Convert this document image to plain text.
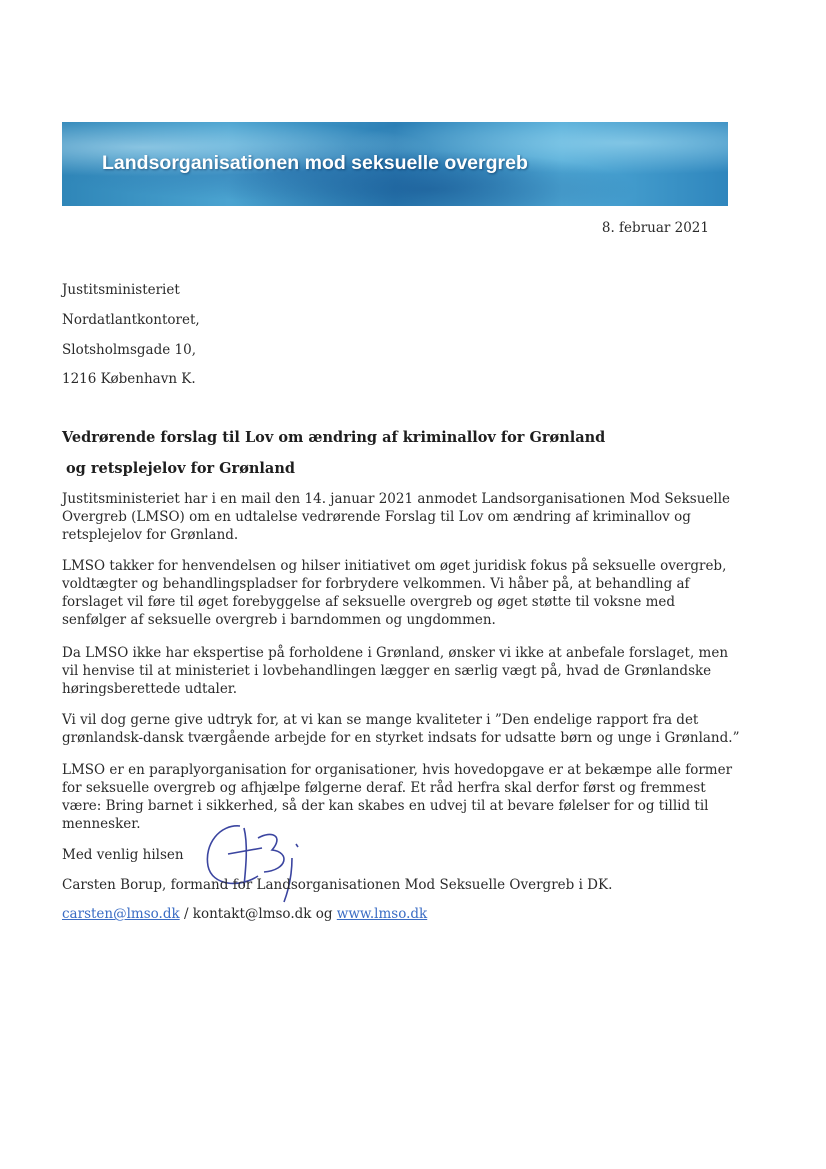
Landsorganisationen mod seksuelle overgreb
8. februar 2021
Justitsministeriet
Nordatlantkontoret,
Slotsholmsgade 10,
1216 København K.
Vedrørende forslag til Lov om ændring af kriminallov for Grønland
og retsplejelov for Grønland

Justitsministeriet har i en mail den 14. januar 2021 anmodet Landsorganisationen Mod Seksuelle Overgreb (LMSO) om en udtalelse vedrørende Forslag til Lov om ændring af kriminallov og retsplejelov for Grønland.

LMSO takker for henvendelsen og hilser initiativet om øget juridisk fokus på seksuelle overgreb, voldtægter og behandlingspladser for forbrydere velkommen. Vi håber på, at behandling af forslaget vil føre til øget forebyggelse af seksuelle overgreb og øget støtte til voksne med senfølger af seksuelle overgreb i barndommen og ungdommen.

Da LMSO ikke har ekspertise på forholdene i Grønland, ønsker vi ikke at anbefale forslaget, men vil henvise til at ministeriet i lovbehandlingen lægger en særlig vægt på, hvad de Grønlandske høringsberettede udtaler.

Vi vil dog gerne give udtryk for, at vi kan se mange kvaliteter i ”Den endelige rapport fra det grønlandsk-dansk tværgående arbejde for en styrket indsats for udsatte børn og unge i Grønland.”

LMSO er en paraplyorganisation for organisationer, hvis hovedopgave er at bekæmpe alle former for seksuelle overgreb og afhjælpe følgerne deraf. Et råd herfra skal derfor først og fremmest være: Bring barnet i sikkerhed, så der kan skabes en udvej til at bevare følelser for og tillid til mennesker.

Med venlig hilsen
Carsten Borup, formand for Landsorganisationen Mod Seksuelle Overgreb i DK.
carsten@lmso.dk / kontakt@lmso.dk og www.lmso.dk
